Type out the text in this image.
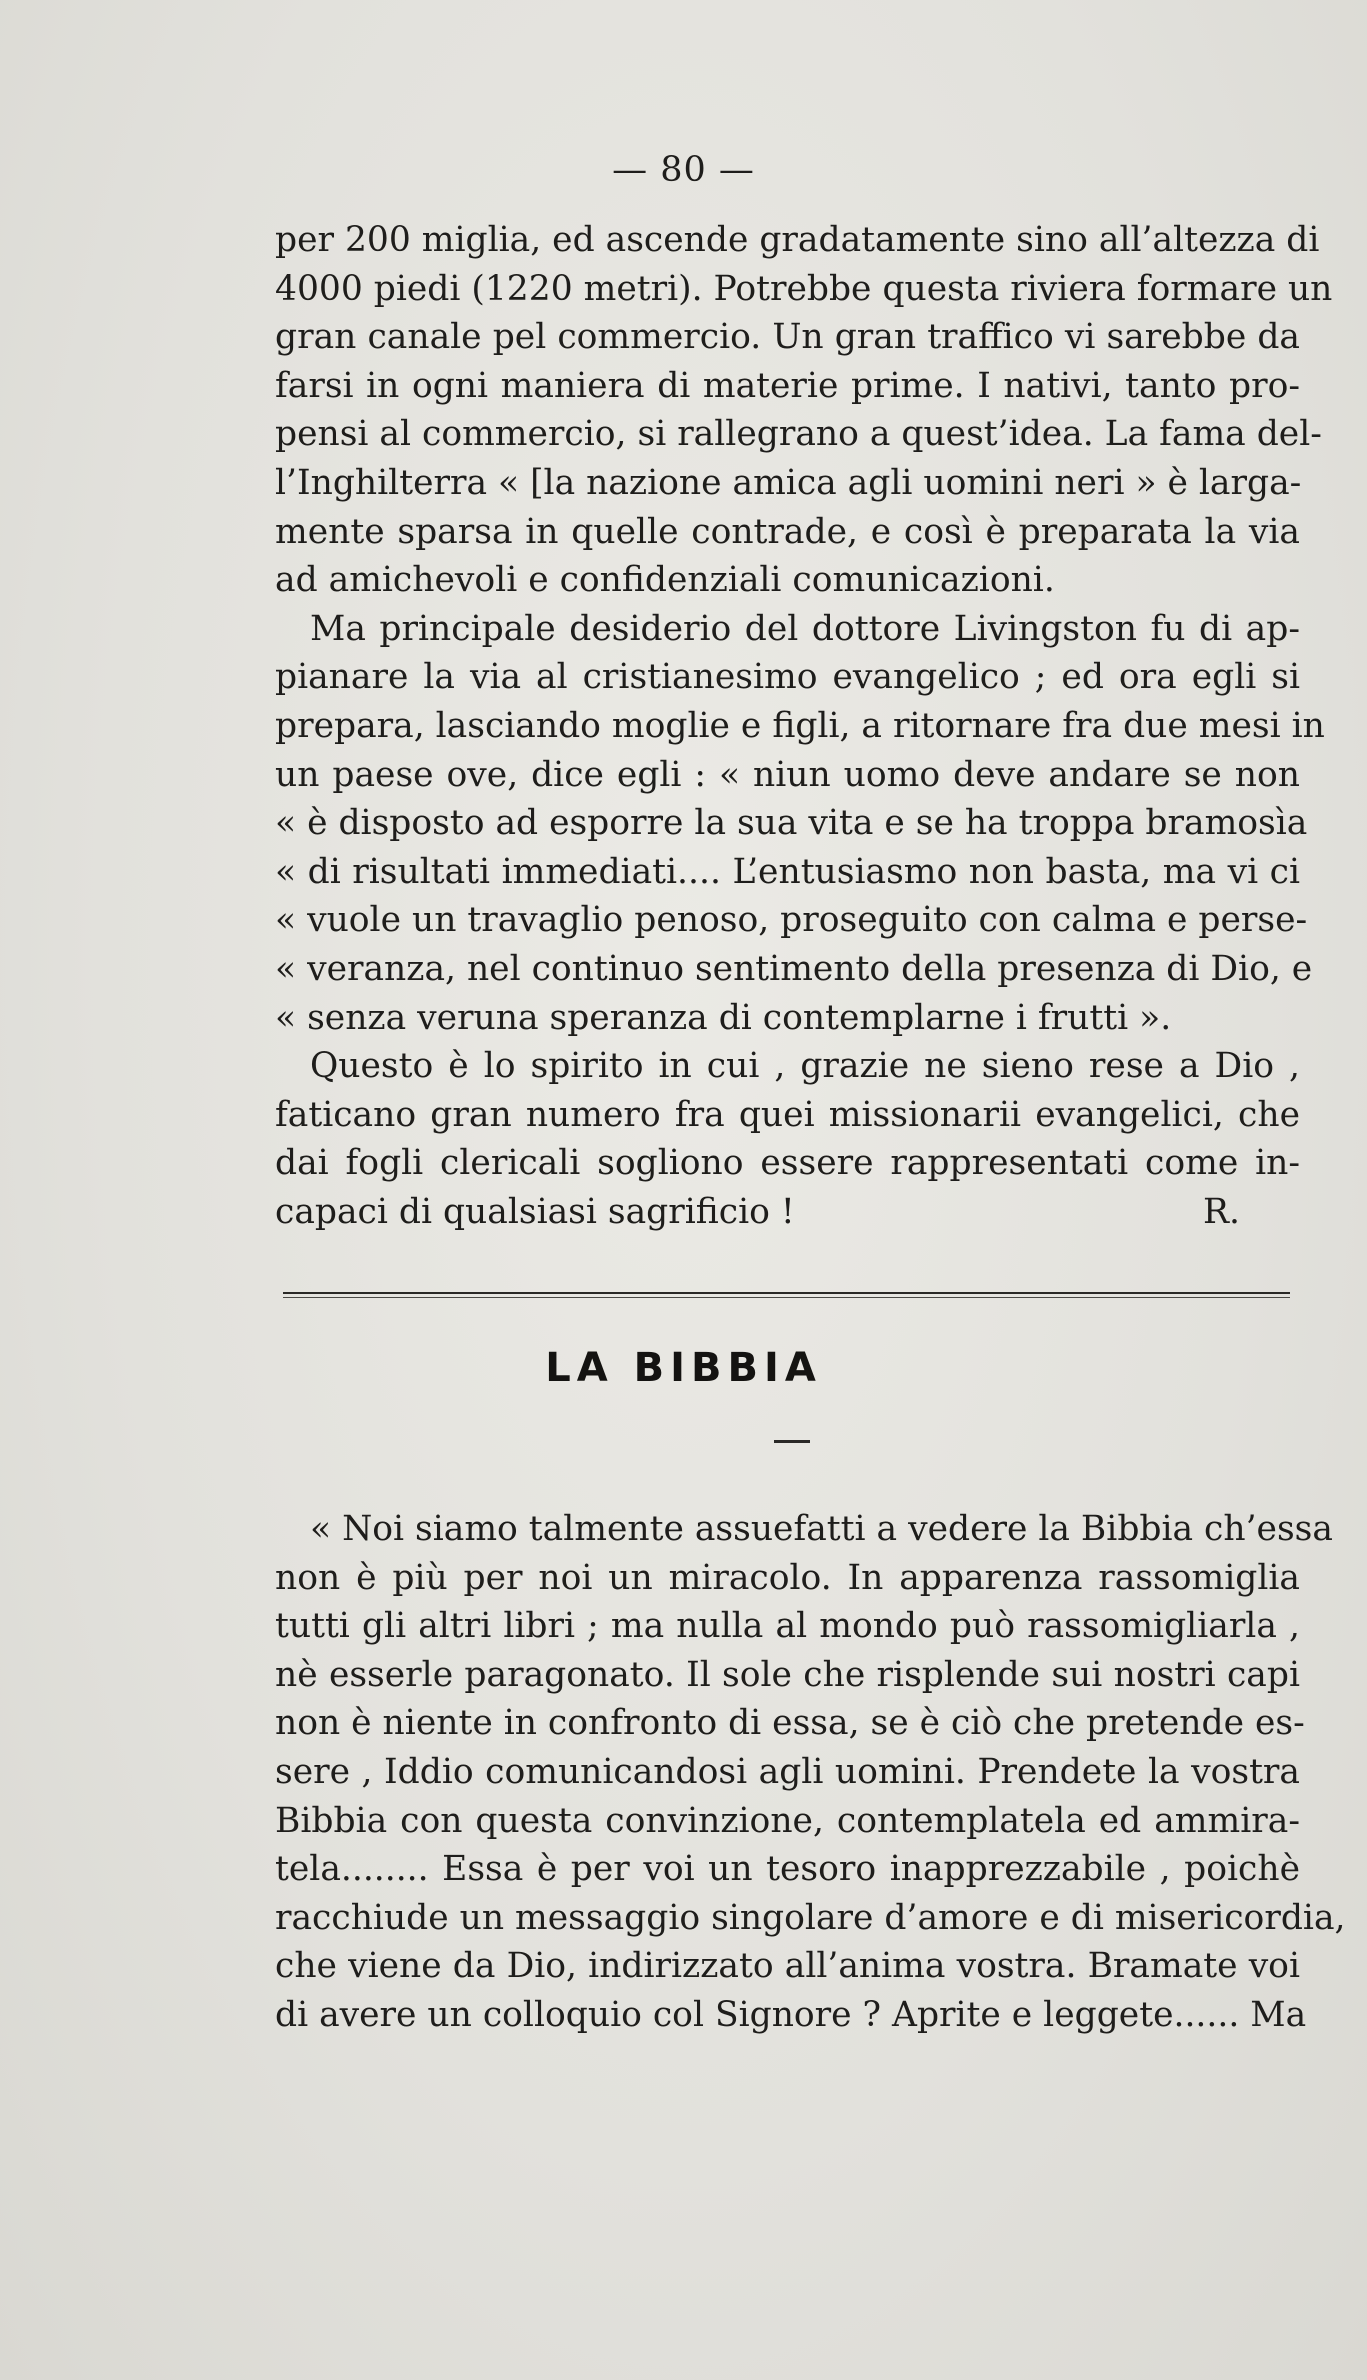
— 80 —
per 200 miglia, ed ascende gradatamente sino all’altezza di
4000 piedi (1220 metri). Potrebbe questa riviera formare un
gran canale pel commercio. Un gran traffico vi sarebbe da
farsi in ogni maniera di materie prime. I nativi, tanto pro-
pensi al commercio, si rallegrano a quest’idea. La fama del-
l’Inghilterra « [la nazione amica agli uomini neri » è larga-
mente sparsa in quelle contrade, e così è preparata la via
ad amichevoli e confidenziali comunicazioni.
Ma principale desiderio del dottore Livingston fu di ap-
pianare la via al cristianesimo evangelico ; ed ora egli si
prepara, lasciando moglie e figli, a ritornare fra due mesi in
un paese ove, dice egli : « niun uomo deve andare se non
« è disposto ad esporre la sua vita e se ha troppa bramosìa
« di risultati immediati.... L’entusiasmo non basta, ma vi ci
« vuole un travaglio penoso, proseguito con calma e perse-
« veranza, nel continuo sentimento della presenza di Dio, e
« senza veruna speranza di contemplarne i frutti ».
Questo è lo spirito in cui , grazie ne sieno rese a Dio ,
faticano gran numero fra quei missionarii evangelici, che
dai fogli clericali sogliono essere rappresentati come in-
capaci di qualsiasi sagrificio !	R.
LA BIBBIA
« Noi siamo talmente assuefatti a vedere la Bibbia ch’essa
non è più per noi un miracolo. In apparenza rassomiglia
tutti gli altri libri ; ma nulla al mondo può rassomigliarla ,
nè esserle paragonato. Il sole che risplende sui nostri capi
non è niente in confronto di essa, se è ciò che pretende es-
sere , Iddio comunicandosi agli uomini. Prendete la vostra
Bibbia con questa convinzione, contemplatela ed ammira-
tela........ Essa è per voi un tesoro inapprezzabile , poichè
racchiude un messaggio singolare d’amore e di misericordia,
che viene da Dio, indirizzato all’anima vostra. Bramate voi
di avere un colloquio col Signore ? Aprite e leggete...... Ma
